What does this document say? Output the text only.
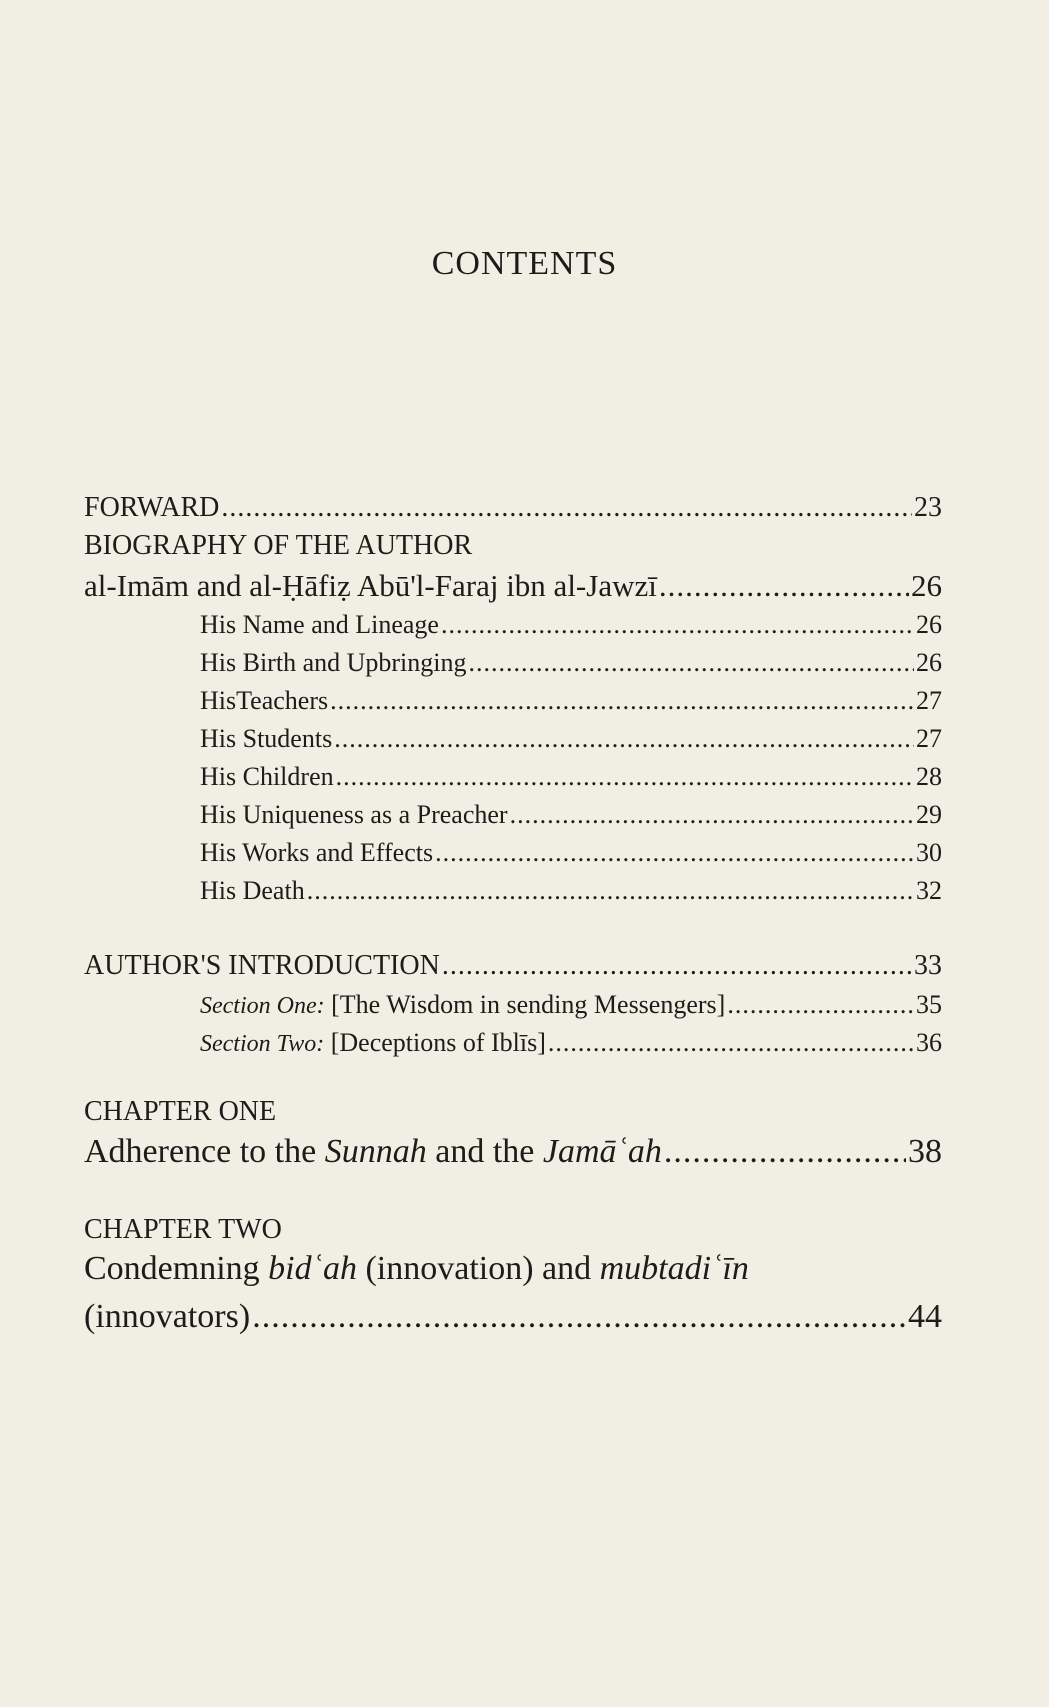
CONTENTS
FORWARD .....	23
BIOGRAPHY OF THE AUTHOR
al-Imām and al-Ḥāfiẓ Abū'l-Faraj ibn al-Jawzī .....	26
His Name and Lineage .....	26
His Birth and Upbringing .....	26
HisTeachers .....	27
His Students .....	27
His Children .....	28
His Uniqueness as a Preacher .....	29
His Works and Effects .....	30
His Death .....	32
AUTHOR'S INTRODUCTION .....	33
Section One: [The Wisdom in sending Messengers] .....	35
Section Two: [Deceptions of Iblīs] .....	36
CHAPTER ONE
Adherence to the Sunnah and the Jamāʿah .....	38
CHAPTER TWO
Condemning bidʿah (innovation) and mubtadiʿīn
(innovators) .....	44
